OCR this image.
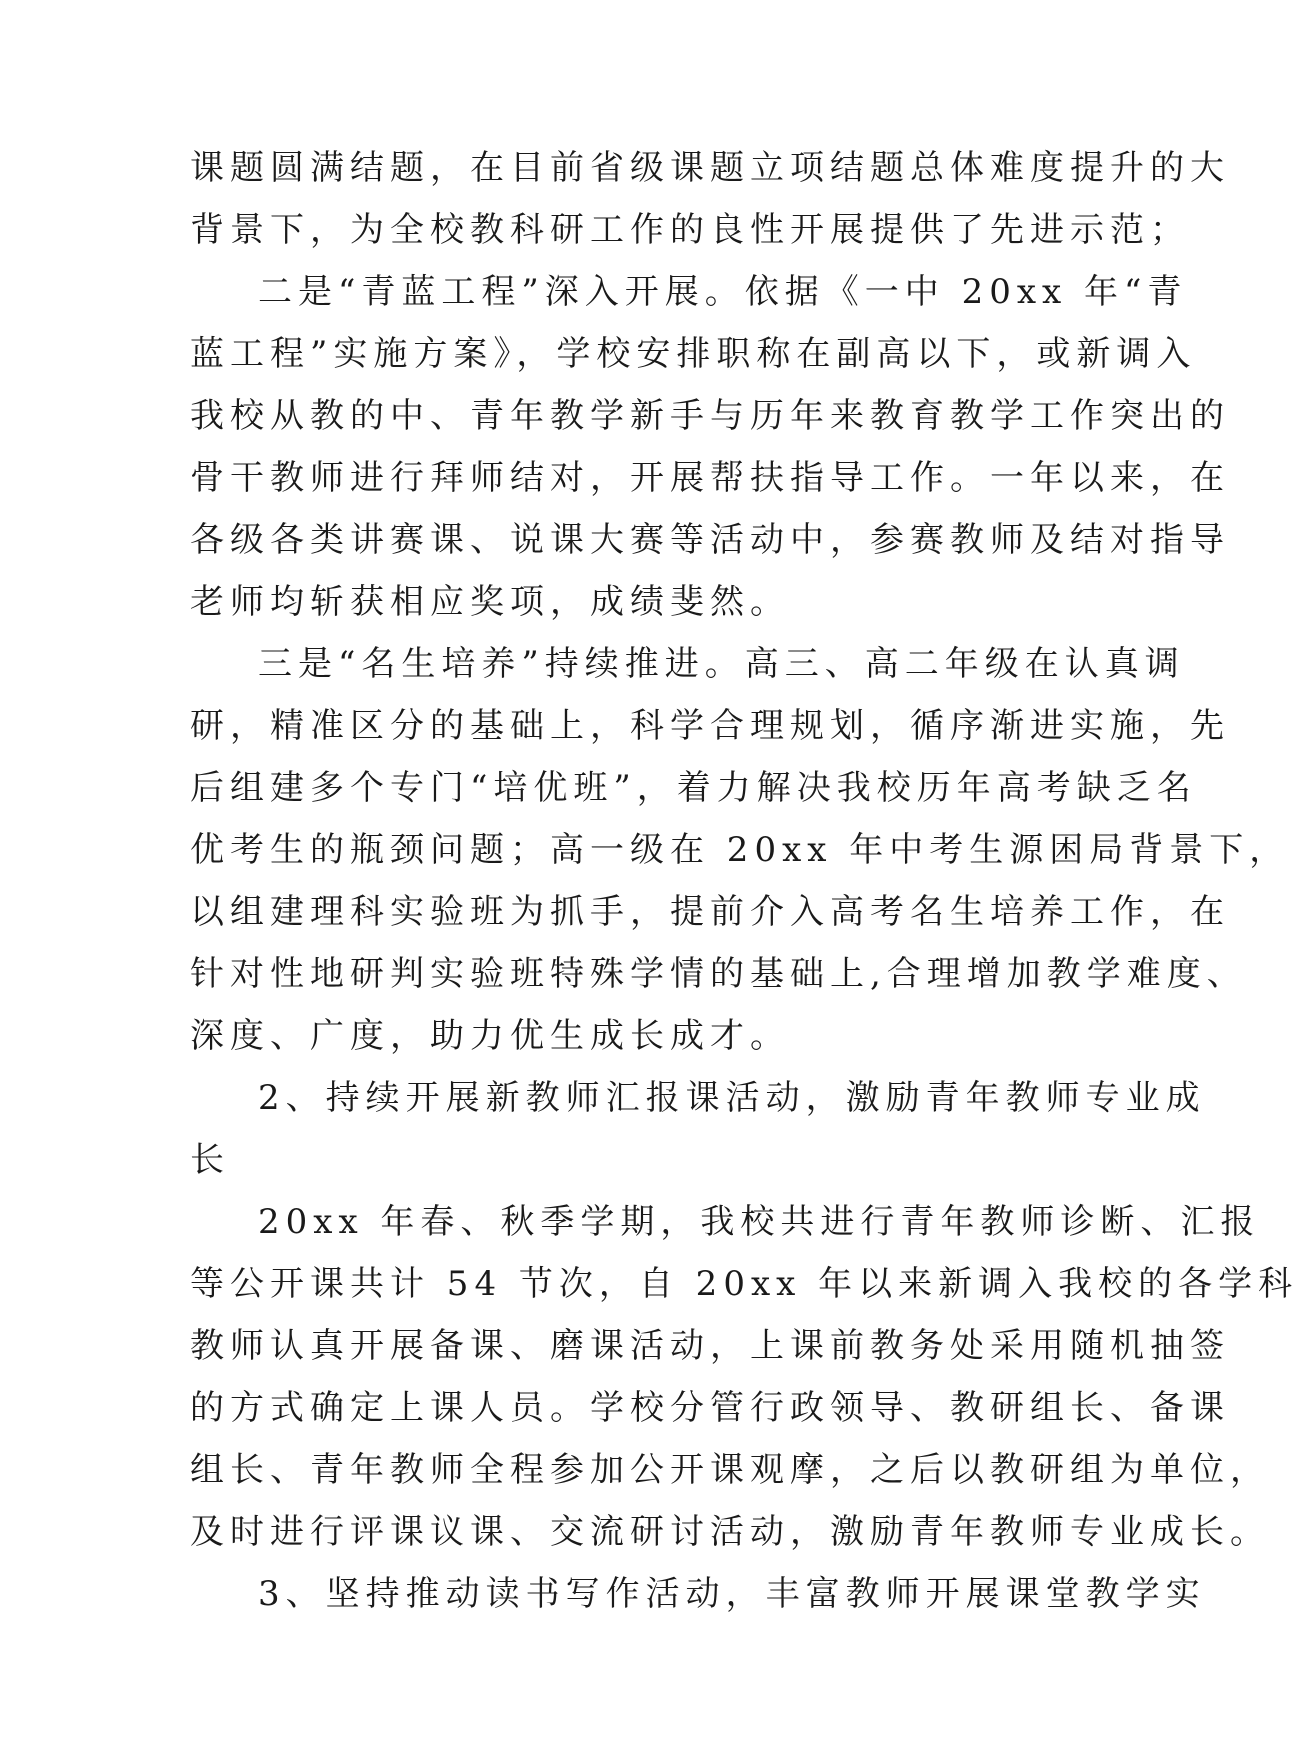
课题圆满结题，在目前省级课题立项结题总体难度提升的大
背景下，为全校教科研工作的良性开展提供了先进示范；
二是“青蓝工程”深入开展。依据《一中 20xx 年“青
蓝工程”实施方案》，学校安排职称在副高以下，或新调入
我校从教的中、青年教学新手与历年来教育教学工作突出的
骨干教师进行拜师结对，开展帮扶指导工作。一年以来，在
各级各类讲赛课、说课大赛等活动中，参赛教师及结对指导
老师均斩获相应奖项，成绩斐然。
三是“名生培养”持续推进。高三、高二年级在认真调
研，精准区分的基础上，科学合理规划，循序渐进实施，先
后组建多个专门“培优班”，着力解决我校历年高考缺乏名
优考生的瓶颈问题；高一级在 20xx 年中考生源困局背景下，
以组建理科实验班为抓手，提前介入高考名生培养工作，在
针对性地研判实验班特殊学情的基础上,合理增加教学难度、
深度、广度，助力优生成长成才。
2、持续开展新教师汇报课活动，激励青年教师专业成
长
20xx 年春、秋季学期，我校共进行青年教师诊断、汇报
等公开课共计 54 节次，自 20xx 年以来新调入我校的各学科
教师认真开展备课、磨课活动，上课前教务处采用随机抽签
的方式确定上课人员。学校分管行政领导、教研组长、备课
组长、青年教师全程参加公开课观摩，之后以教研组为单位，
及时进行评课议课、交流研讨活动，激励青年教师专业成长。
3、坚持推动读书写作活动，丰富教师开展课堂教学实
